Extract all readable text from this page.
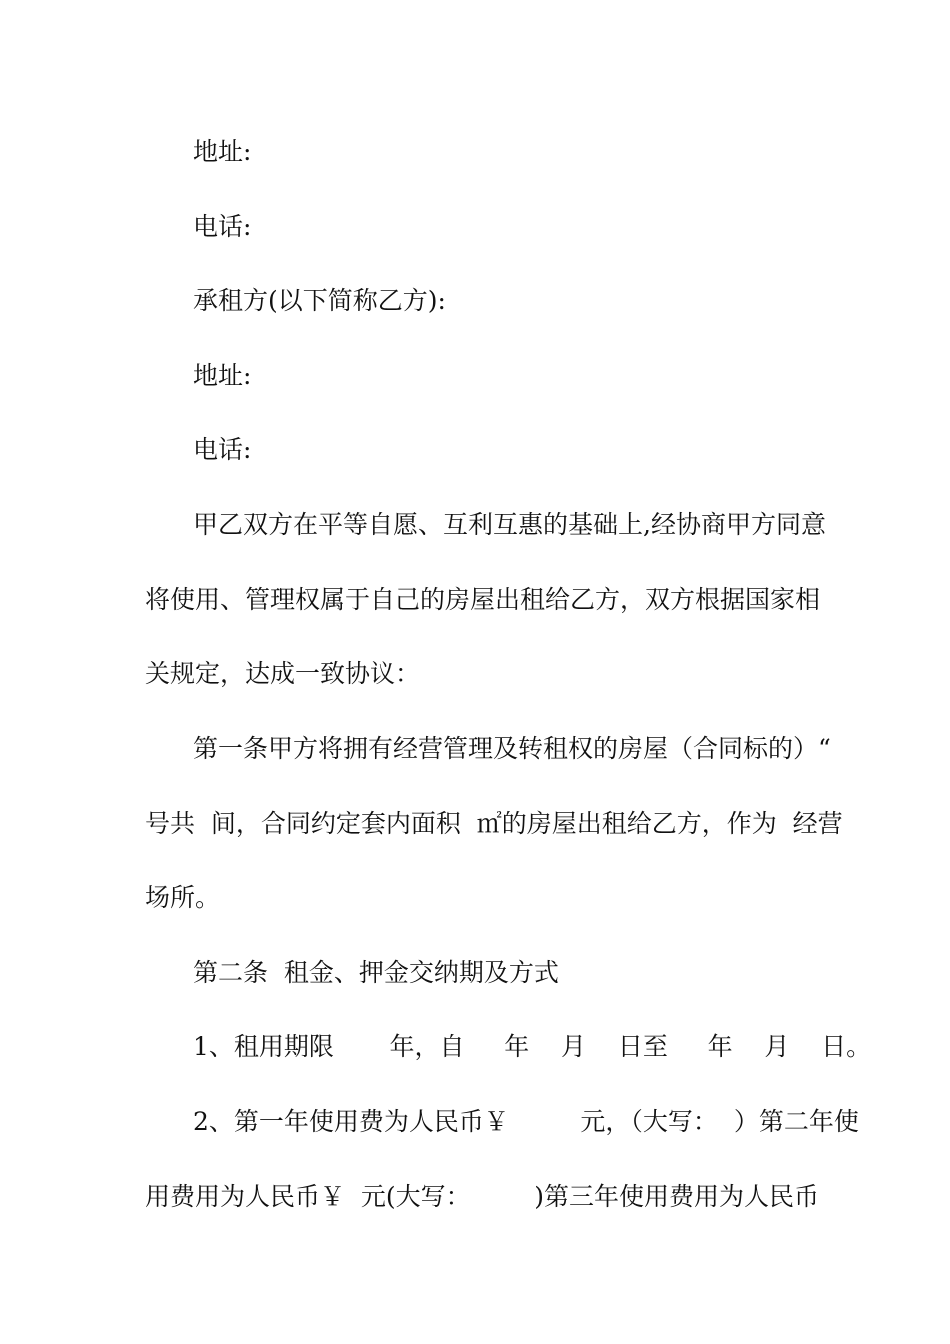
地址:
电话:
承租方(以下简称乙方):
地址:
电话:
甲乙双方在平等自愿、互利互惠的基础上,经协商甲方同意
将使用、管理权属于自己的房屋出租给乙方，双方根据国家相
关规定，达成一致协议：
第一条甲方将拥有经营管理及转租权的房屋（合同标的）“
号共  间，合同约定套内面积  ㎡的房屋出租给乙方，作为  经营
场所。
第二条  租金、押金交纳期及方式
1、租用期限       年，自     年    月    日至     年    月    日。
2、第一年使用费为人民币￥         元，（大写：  ）第二年使
用费用为人民币￥  元(大写：        )第三年使用费用为人民币
